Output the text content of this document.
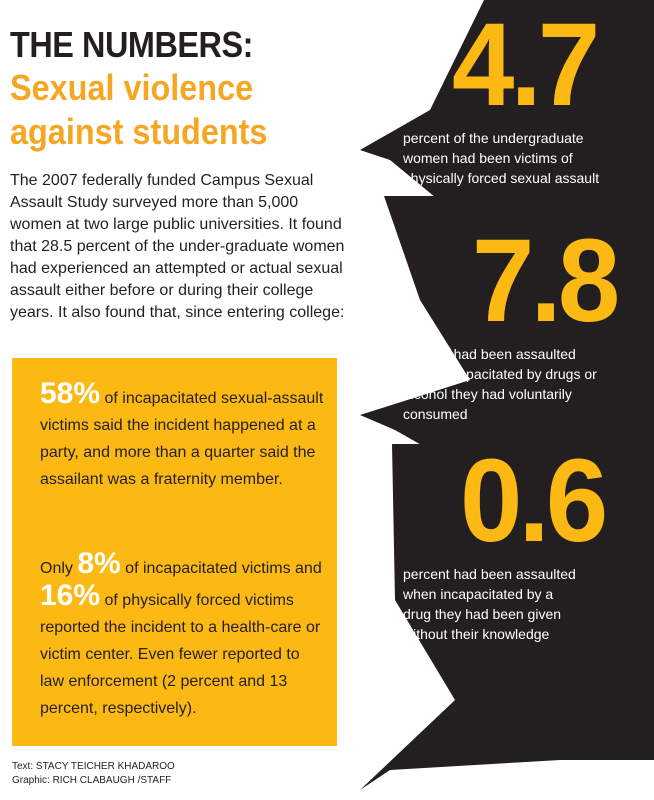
THE NUMBERS:
Sexual violence against students
The 2007 federally funded Campus Sexual Assault Study surveyed more than 5,000 women at two large public universities. It found that 28.5 percent of the under-graduate women had experienced an attempted or actual sexual assault either before or during their college years. It also found that, since entering college:
58% of incapacitated sexual-assault victims said the incident happened at a party, and more than a quarter said the assailant was a fraternity member.
Only 8% of incapacitated victims and 16% of physically forced victims reported the incident to a health-care or victim center. Even fewer reported to law enforcement (2 percent and 13 percent, respectively).
Text: STACY TEICHER KHADAROO
Graphic: RICH CLABAUGH /STAFF
4.7
percent of the undergraduate women had been victims of physically forced sexual assault
7.8
percent had been assaulted when incapacitated by drugs or alcohol they had voluntarily consumed
0.6
percent had been assaulted when incapacitated by a drug they had been given without their knowledge
